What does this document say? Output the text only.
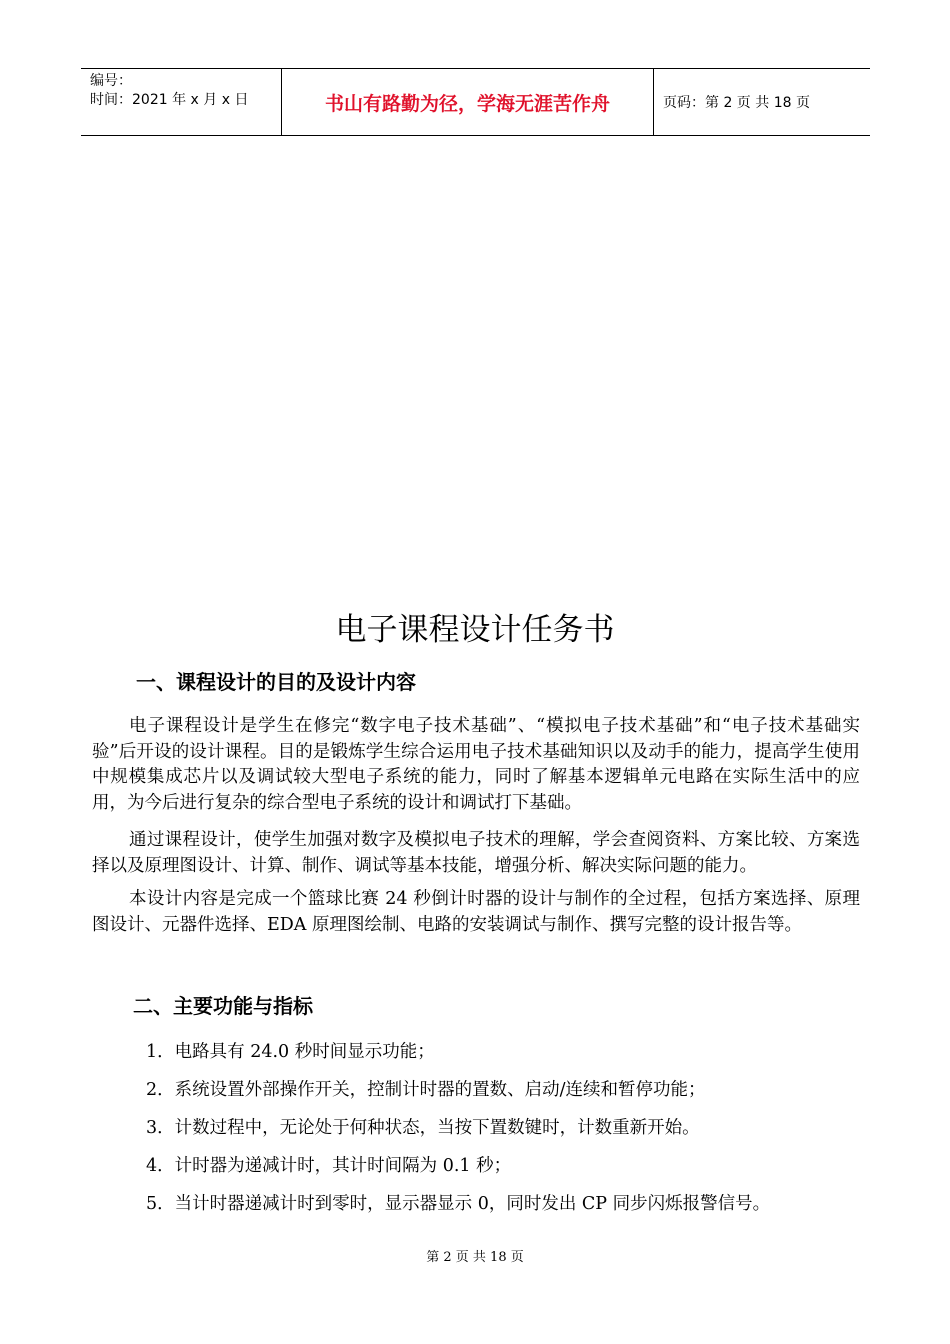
编号：
时间：2021 年 x 月 x 日	书山有路勤为径，学海无涯苦作舟	页码：第 2 页 共 18 页
电子课程设计任务书
一、课程设计的目的及设计内容

电子课程设计是学生在修完“数字电子技术基础”、“模拟电子技术基础”和“电子技术基础实验”后开设的设计课程。目的是锻炼学生综合运用电子技术基础知识以及动手的能力，提高学生使用中规模集成芯片以及调试较大型电子系统的能力，同时了解基本逻辑单元电路在实际生活中的应用，为今后进行复杂的综合型电子系统的设计和调试打下基础。

通过课程设计，使学生加强对数字及模拟电子技术的理解，学会查阅资料、方案比较、方案选择以及原理图设计、计算、制作、调试等基本技能，增强分析、解决实际问题的能力。

本设计内容是完成一个篮球比赛 24 秒倒计时器的设计与制作的全过程，包括方案选择、原理图设计、元器件选择、EDA 原理图绘制、电路的安装调试与制作、撰写完整的设计报告等。

二、主要功能与指标
1．电路具有 24.0 秒时间显示功能；
2．系统设置外部操作开关，控制计时器的置数、启动/连续和暂停功能；
3．计数过程中，无论处于何种状态，当按下置数键时，计数重新开始。
4．计时器为递减计时，其计时间隔为 0.1 秒；
5．当计时器递减计时到零时，显示器显示 0，同时发出 CP 同步闪烁报警信号。
第 2 页 共 18 页
